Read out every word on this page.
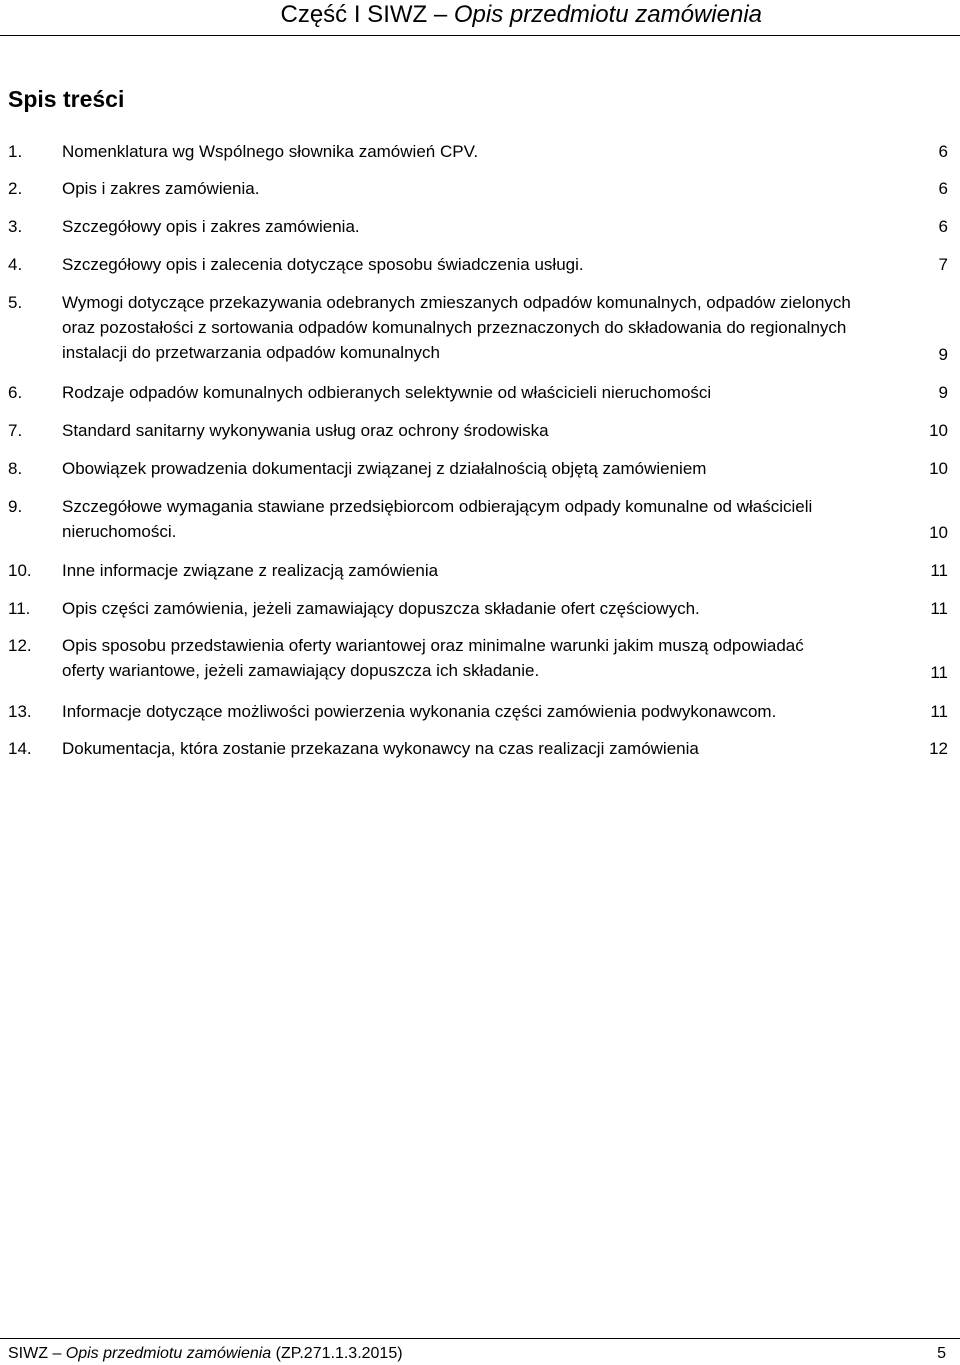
Część I SIWZ – Opis przedmiotu zamówienia
Spis treści
1.	Nomenklatura wg Wspólnego słownika zamówień CPV.	6
2.	Opis i zakres zamówienia.	6
3.	Szczegółowy opis i zakres zamówienia.	6
4.	Szczegółowy opis i zalecenia dotyczące sposobu świadczenia usługi.	7
5.	Wymogi dotyczące przekazywania odebranych zmieszanych odpadów komunalnych, odpadów zielonych oraz pozostałości z sortowania odpadów komunalnych przeznaczonych do składowania do regionalnych instalacji do przetwarzania odpadów komunalnych	9
6.	Rodzaje odpadów komunalnych odbieranych selektywnie od właścicieli nieruchomości	9
7.	Standard sanitarny wykonywania usług oraz ochrony środowiska	10
8.	Obowiązek prowadzenia dokumentacji związanej z działalnością objętą zamówieniem	10
9.	Szczegółowe wymagania stawiane przedsiębiorcom odbierającym odpady komunalne od właścicieli nieruchomości.	10
10.	Inne informacje związane z realizacją zamówienia	11
11.	Opis części zamówienia, jeżeli zamawiający dopuszcza składanie ofert częściowych.	11
12.	Opis sposobu przedstawienia oferty wariantowej oraz minimalne warunki jakim muszą odpowiadać oferty wariantowe, jeżeli zamawiający dopuszcza ich składanie.	11
13.	Informacje dotyczące możliwości powierzenia wykonania części zamówienia podwykonawcom.	11
14.	Dokumentacja, która zostanie przekazana wykonawcy na czas realizacji zamówienia	12
SIWZ – Opis przedmiotu zamówienia (ZP.271.1.3.2015)	5
